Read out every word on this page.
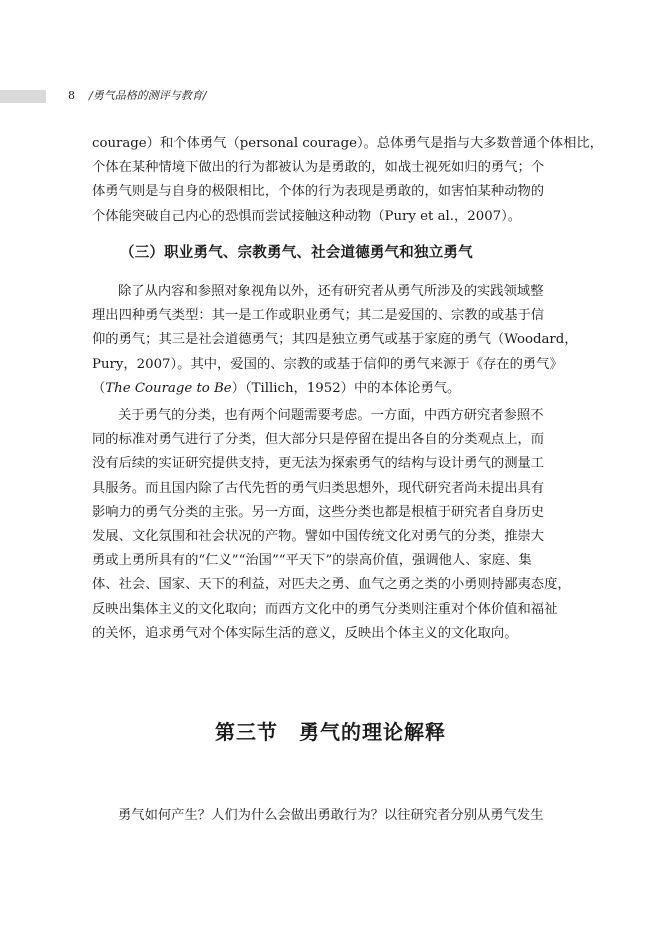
8 /勇气品格的测评与教育/
courage）和个体勇气（personal courage）。总体勇气是指与大多数普通个体相比，
个体在某种情境下做出的行为都被认为是勇敢的，如战士视死如归的勇气；个
体勇气则是与自身的极限相比，个体的行为表现是勇敢的，如害怕某种动物的
个体能突破自己内心的恐惧而尝试接触这种动物（Pury et al.，2007）。
（三）职业勇气、宗教勇气、社会道德勇气和独立勇气
除了从内容和参照对象视角以外，还有研究者从勇气所涉及的实践领域整
理出四种勇气类型：其一是工作或职业勇气；其二是爱国的、宗教的或基于信
仰的勇气；其三是社会道德勇气；其四是独立勇气或基于家庭的勇气（Woodard，
Pury，2007）。其中，爱国的、宗教的或基于信仰的勇气来源于《存在的勇气》
（The Courage to Be）（Tillich，1952）中的本体论勇气。
关于勇气的分类，也有两个问题需要考虑。一方面，中西方研究者参照不
同的标准对勇气进行了分类，但大部分只是停留在提出各自的分类观点上，而
没有后续的实证研究提供支持，更无法为探索勇气的结构与设计勇气的测量工
具服务。而且国内除了古代先哲的勇气归类思想外，现代研究者尚未提出具有
影响力的勇气分类的主张。另一方面，这些分类也都是根植于研究者自身历史
发展、文化氛围和社会状况的产物。譬如中国传统文化对勇气的分类，推崇大
勇或上勇所具有的“仁义”“治国”“平天下”的崇高价值，强调他人、家庭、集
体、社会、国家、天下的利益，对匹夫之勇、血气之勇之类的小勇则持鄙夷态度，
反映出集体主义的文化取向；而西方文化中的勇气分类则注重对个体价值和福祉
的关怀，追求勇气对个体实际生活的意义，反映出个体主义的文化取向。
第三节　勇气的理论解释
勇气如何产生？人们为什么会做出勇敢行为？以往研究者分别从勇气发生
